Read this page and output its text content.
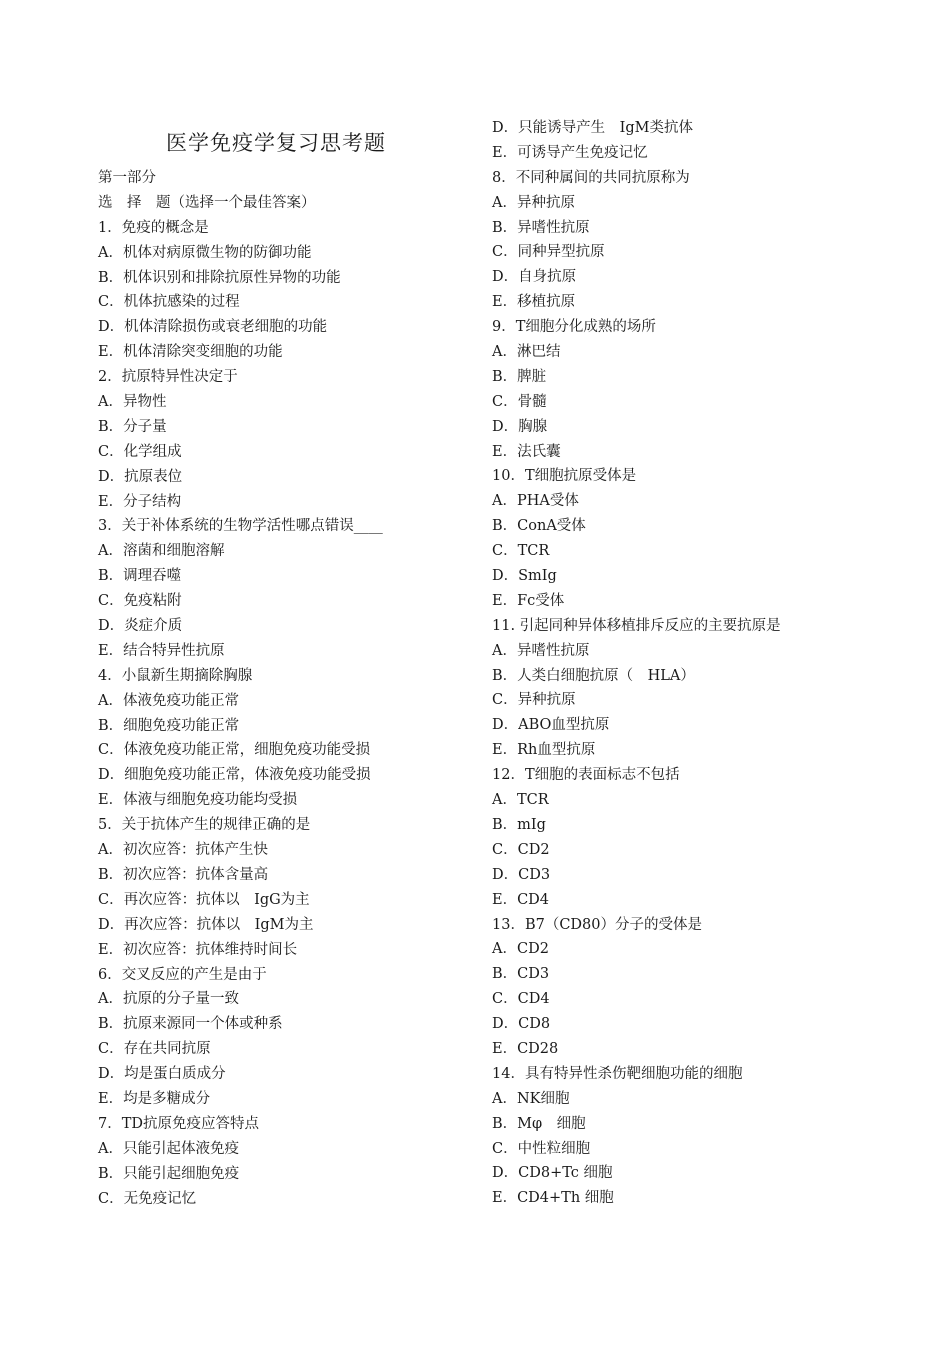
医学免疫学复习思考题
第一部分
选　择　题（选择一个最佳答案）
1．免疫的概念是
A．机体对病原微生物的防御功能
B．机体识别和排除抗原性异物的功能
C．机体抗感染的过程
D．机体清除损伤或衰老细胞的功能
E．机体清除突变细胞的功能
2．抗原特异性决定于
A．异物性
B．分子量
C．化学组成
D．抗原表位
E．分子结构
3．关于补体系统的生物学活性哪点错误____
A．溶菌和细胞溶解
B．调理吞噬
C．免疫粘附
D．炎症介质
E．结合特异性抗原
4．小鼠新生期摘除胸腺
A．体液免疫功能正常
B．细胞免疫功能正常
C．体液免疫功能正常，细胞免疫功能受损
D．细胞免疫功能正常，体液免疫功能受损
E．体液与细胞免疫功能均受损
5．关于抗体产生的规律正确的是
A．初次应答：抗体产生快
B．初次应答：抗体含量高
C．再次应答：抗体以　IgG为主
D．再次应答：抗体以　IgM为主
E．初次应答：抗体维持时间长
6．交叉反应的产生是由于
A．抗原的分子量一致
B．抗原来源同一个体或种系
C．存在共同抗原
D．均是蛋白质成分
E．均是多糖成分
7．TD抗原免疫应答特点
A．只能引起体液免疫
B．只能引起细胞免疫
C．无免疫记忆
D．只能诱导产生　IgM类抗体
E．可诱导产生免疫记忆
8．不同种属间的共同抗原称为
A．异种抗原
B．异嗜性抗原
C．同种异型抗原
D．自身抗原
E．移植抗原
9．T细胞分化成熟的场所
A．淋巴结
B．脾脏
C．骨髓
D．胸腺
E．法氏囊
10．T细胞抗原受体是
A．PHA受体
B．ConA受体
C．TCR
D．SmIg
E．Fc受体
11. 引起同种异体移植排斥反应的主要抗原是
A．异嗜性抗原
B．人类白细胞抗原（　HLA）
C．异种抗原
D．ABO血型抗原
E．Rh血型抗原
12．T细胞的表面标志不包括
A．TCR
B．mIg
C．CD2
D．CD3
E．CD4
13．B7（CD80）分子的受体是
A．CD2
B．CD3
C．CD4
D．CD8
E．CD28
14．具有特异性杀伤靶细胞功能的细胞
A．NK细胞
B．Mφ　细胞
C．中性粒细胞
D．CD8+Tc 细胞
E．CD4+Th 细胞
